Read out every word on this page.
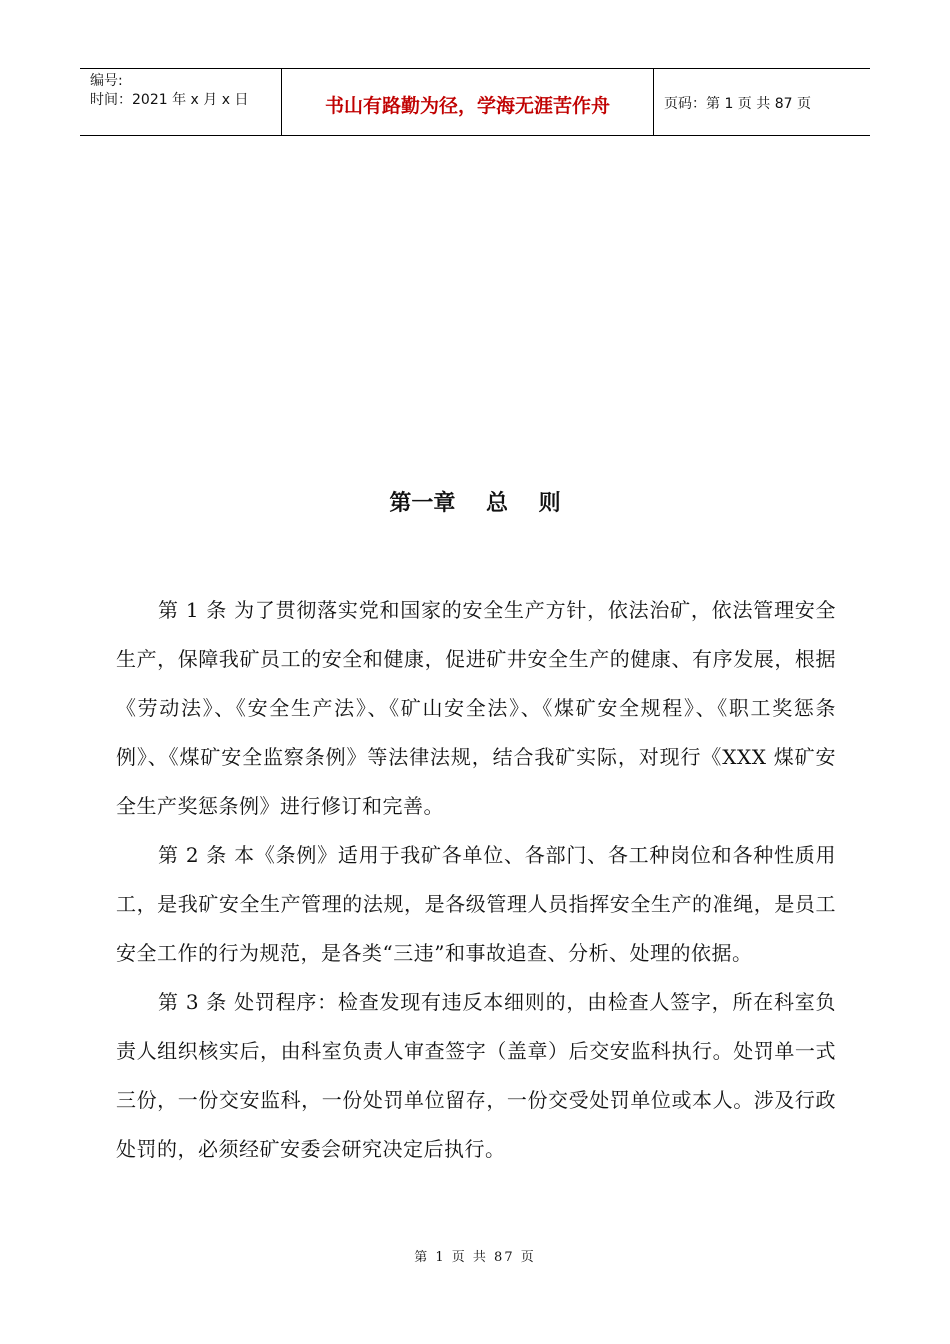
编号:
时间：2021 年 x 月 x 日	书山有路勤为径，学海无涯苦作舟	页码：第 1 页 共 87 页
第一章    总    则

第 1 条 为了贯彻落实党和国家的安全生产方针，依法治矿，依法管理安全生产，保障我矿员工的安全和健康，促进矿井安全生产的健康、有序发展，根据《劳动法》、《安全生产法》、《矿山安全法》、《煤矿安全规程》、《职工奖惩条例》、《煤矿安全监察条例》等法律法规，结合我矿实际，对现行《XXX 煤矿安全生产奖惩条例》进行修订和完善。

第 2 条 本《条例》适用于我矿各单位、各部门、各工种岗位和各种性质用工，是我矿安全生产管理的法规，是各级管理人员指挥安全生产的准绳，是员工安全工作的行为规范，是各类“三违”和事故追查、分析、处理的依据。

第 3 条 处罚程序：检查发现有违反本细则的，由检查人签字，所在科室负责人组织核实后，由科室负责人审查签字（盖章）后交安监科执行。处罚单一式三份，一份交安监科，一份处罚单位留存，一份交受处罚单位或本人。涉及行政处罚的，必须经矿安委会研究决定后执行。

第 1 页 共 87 页
